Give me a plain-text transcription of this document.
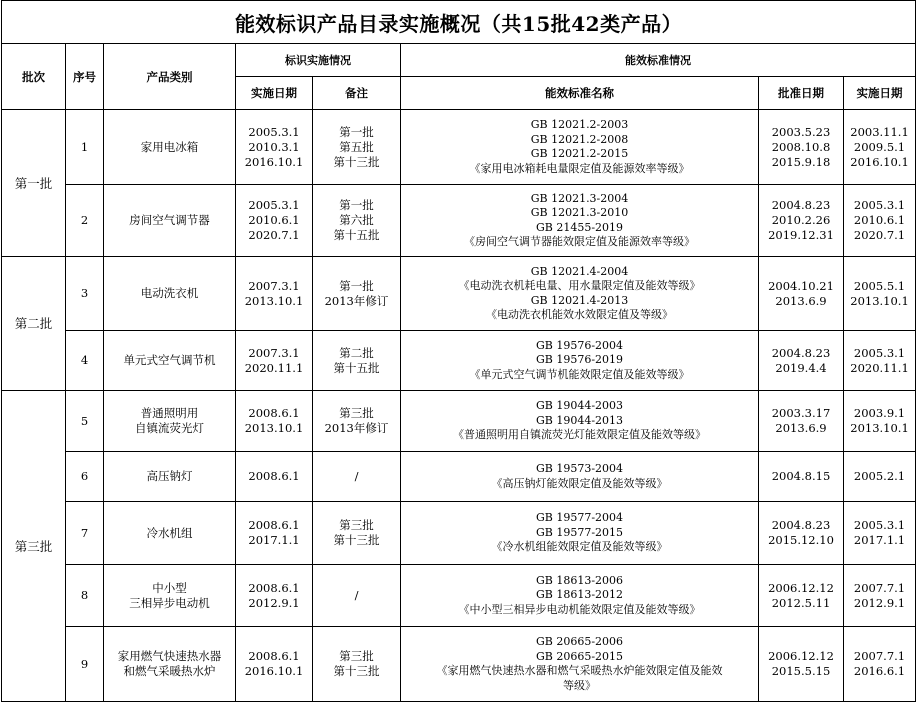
能效标识产品目录实施概况（共15批42类产品）							
批次	序号	产品类别	标识实施情况		能效标准情况		
			实施日期	备注	能效标准名称	批准日期	实施日期
第一批	1	家用电冰箱	2005.3.1
2010.3.1
2016.10.1	第一批
第五批
第十三批	GB 12021.2-2003
GB 12021.2-2008
GB 12021.2-2015
《家用电冰箱耗电量限定值及能源效率等级》	2003.5.23
2008.10.8
2015.9.18	2003.11.1
2009.5.1
2016.10.1

	2	房间空气调节器	2005.3.1
2010.6.1
2020.7.1	第一批
第六批
第十五批	GB 12021.3-2004
GB 12021.3-2010
GB 21455-2019
《房间空气调节器能效限定值及能源效率等级》	2004.8.23
2010.2.26
2019.12.31	2005.3.1
2010.6.1
2020.7.1

第二批	3	电动洗衣机	2007.3.1
2013.10.1	第一批
2013年修订	GB 12021.4-2004
《电动洗衣机耗电量、用水量限定值及能效等级》
GB 12021.4-2013
《电动洗衣机能效水效限定值及等级》	2004.10.21
2013.6.9	2005.5.1
2013.10.1

	4	单元式空气调节机	2007.3.1
2020.11.1	第二批
第十五批	GB 19576-2004
GB 19576-2019
《单元式空气调节机能效限定值及能效等级》	2004.8.23
2019.4.4	2005.3.1
2020.11.1

第三批	5	普通照明用
自镇流荧光灯	2008.6.1
2013.10.1	第三批
2013年修订	GB 19044-2003
GB 19044-2013
《普通照明用自镇流荧光灯能效限定值及能效等级》	2003.3.17
2013.6.9	2003.9.1
2013.10.1

	6	高压钠灯	2008.6.1	/	GB 19573-2004
《高压钠灯能效限定值及能效等级》	2004.8.15	2005.2.1

	7	冷水机组	2008.6.1
2017.1.1	第三批
第十三批	GB 19577-2004
GB 19577-2015
《冷水机组能效限定值及能效等级》	2004.8.23
2015.12.10	2005.3.1
2017.1.1

	8	中小型
三相异步电动机	2008.6.1
2012.9.1	/	GB 18613-2006
GB 18613-2012
《中小型三相异步电动机能效限定值及能效等级》	2006.12.12
2012.5.11	2007.7.1
2012.9.1

	9	家用燃气快速热水器
和燃气采暖热水炉	2008.6.1
2016.10.1	第三批
第十三批	GB 20665-2006
GB 20665-2015
《家用燃气快速热水器和燃气采暖热水炉能效限定值及能效
等级》	2006.12.12
2015.5.15	2007.7.1
2016.6.1
